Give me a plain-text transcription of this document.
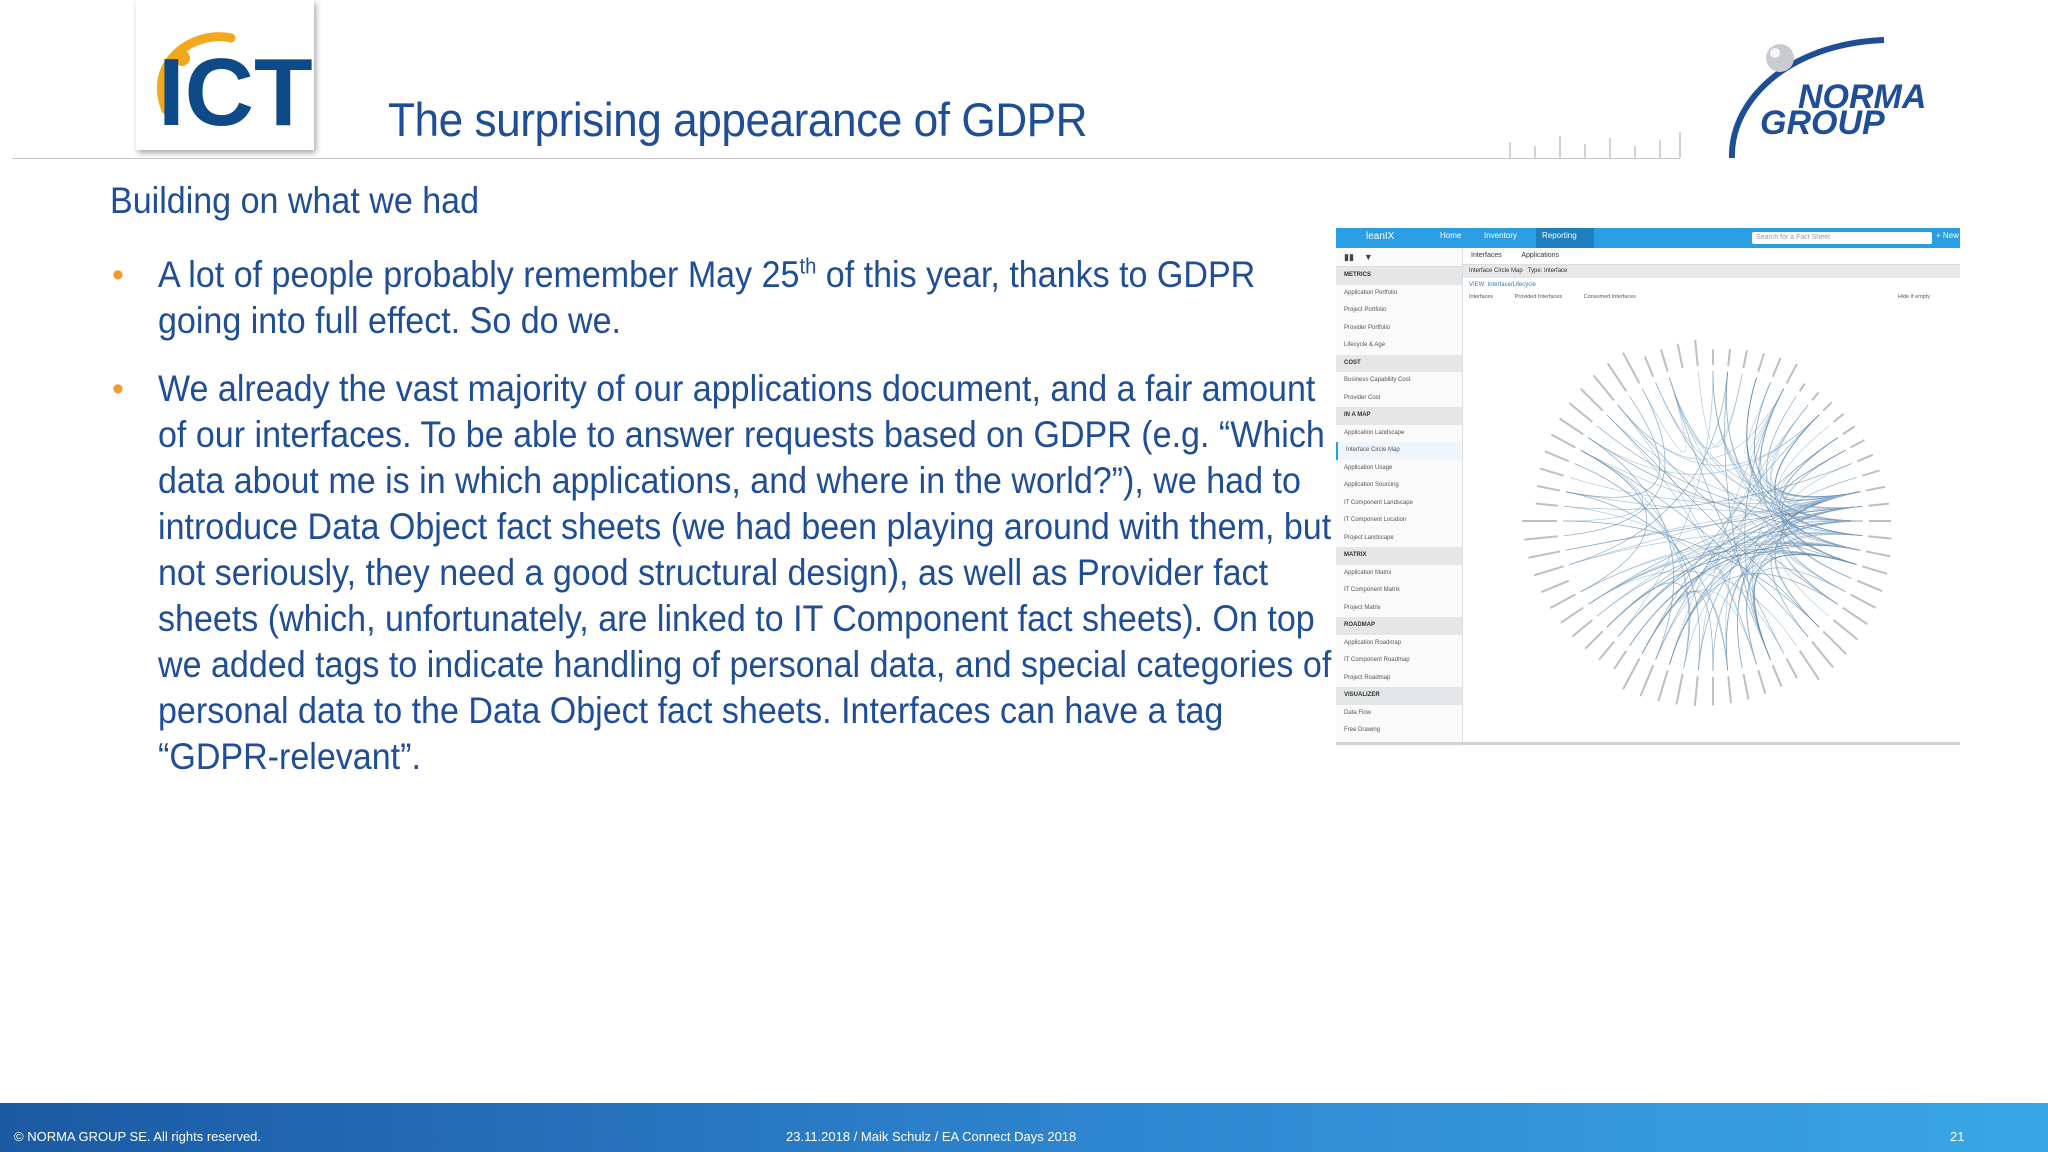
ICT The surprising appearance of GDPR	NORMA
GROUP
Building on what we had
• A lot of people probably remember May 25th of this year, thanks to GDPR going into full effect. So do we.
• We already the vast majority of our applications document, and a fair amount of our interfaces. To be able to answer requests based on GDPR (e.g. “Which data about me is in which applications, and where in the world?”), we had to introduce Data Object fact sheets (we had been playing around with them, but not seriously, they need a good structural design), as well as Provider fact sheets (which, unfortunately, are linked to IT Component fact sheets). On top we added tags to indicate handling of personal data, and special categories of personal data to the Data Object fact sheets. Interfaces can have a tag “GDPR-relevant”.
leanIX	Home	Inventory	Reporting	Search for a Fact Sheet	+ New
▮▮    ▼
METRICS
Application Portfolio
Project Portfolio
Provider Portfolio
Lifecycle & Age
COST
Business Capability Cost
Provider Cost
IN A MAP
Application Landscape
Interface Circle Map
Application Usage
Application Sourcing
IT Component Landscape
IT Component Location
Project Landscape
MATRIX
Application Matrix
IT Component Matrix
Project Matrix
ROADMAP
Application Roadmap
IT Component Roadmap
Project Roadmap
VISUALIZER
Data Flow
Free Drawing
Interfaces	Applications
Interface Circle Map Type: Interface
VIEW: Interface/Lifecycle
Interfaces	Provided Interfaces	Consumed Interfaces	Hide if empty
© NORMA GROUP SE. All rights reserved.	23.11.2018 / Maik Schulz / EA Connect Days 2018	21
